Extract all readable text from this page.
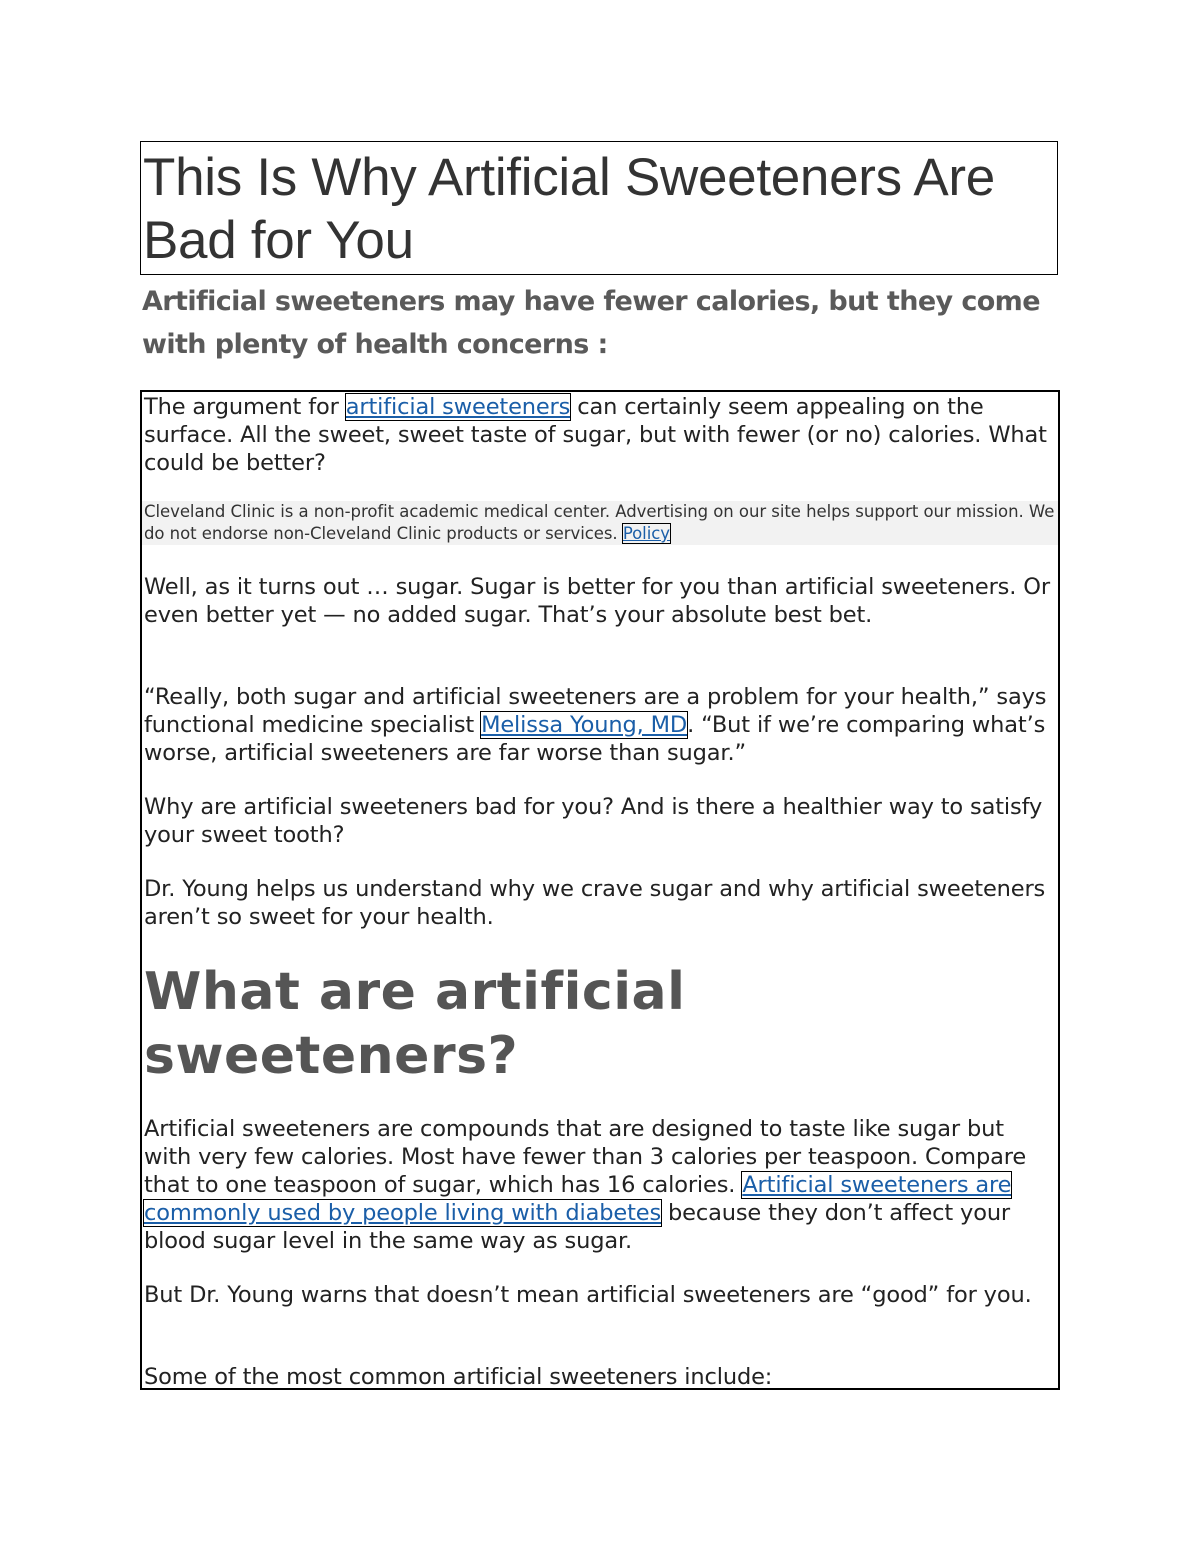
This Is Why Artificial Sweeteners Are Bad for You
Artificial sweeteners may have fewer calories, but they come with plenty of health concerns :

The argument for artificial sweeteners can certainly seem appealing on the surface. All the sweet, sweet taste of sugar, but with fewer (or no) calories. What could be better?

Cleveland Clinic is a non-profit academic medical center. Advertising on our site helps support our mission. We do not endorse non-Cleveland Clinic products or services. Policy

Well, as it turns out … sugar. Sugar is better for you than artificial sweeteners. Or even better yet — no added sugar. That’s your absolute best bet.

“Really, both sugar and artificial sweeteners are a problem for your health,” says functional medicine specialist Melissa Young, MD. “But if we’re comparing what’s worse, artificial sweeteners are far worse than sugar.”

Why are artificial sweeteners bad for you? And is there a healthier way to satisfy your sweet tooth?

Dr. Young helps us understand why we crave sugar and why artificial sweeteners aren’t so sweet for your health.

What are artificial sweeteners?

Artificial sweeteners are compounds that are designed to taste like sugar but with very few calories. Most have fewer than 3 calories per teaspoon. Compare that to one teaspoon of sugar, which has 16 calories. Artificial sweeteners are commonly used by people living with diabetes because they don’t affect your blood sugar level in the same way as sugar.

But Dr. Young warns that doesn’t mean artificial sweeteners are “good” for you.

Some of the most common artificial sweeteners include:
